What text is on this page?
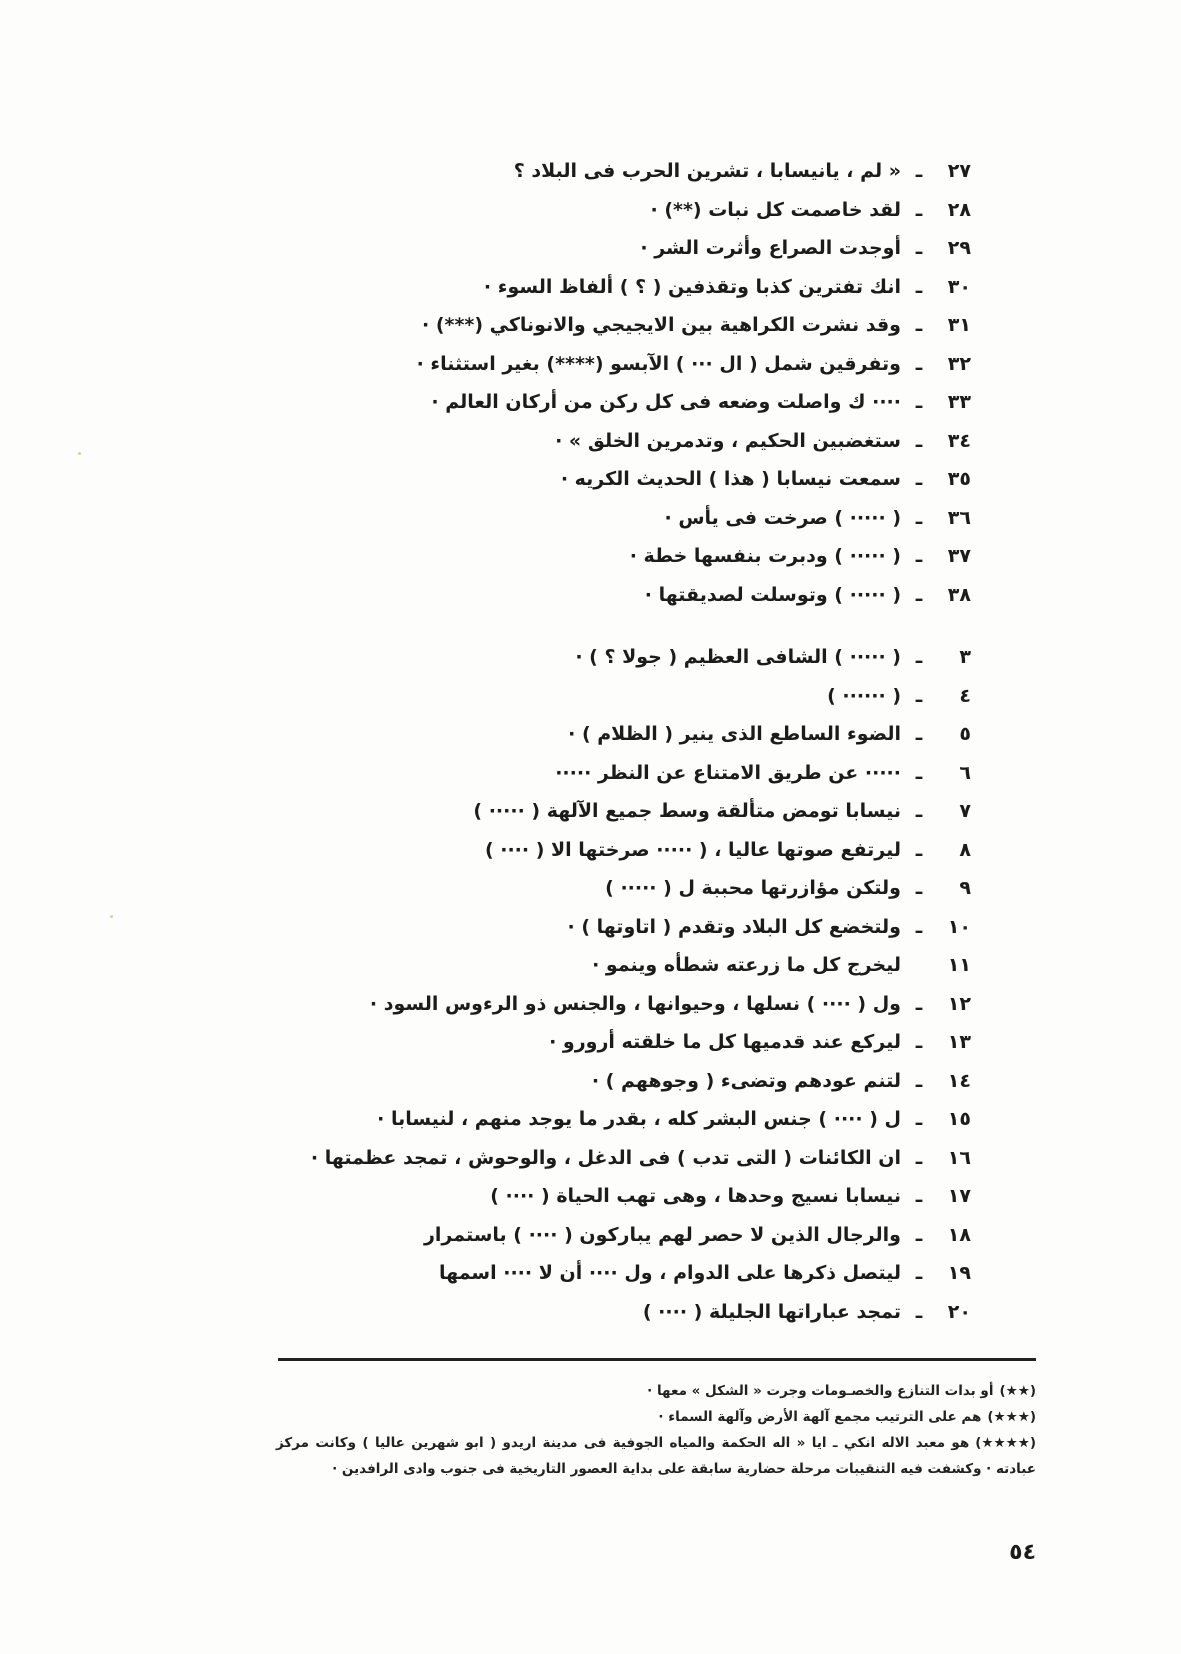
٢٧
ـ
« لم ، يانيسابا ، تشرين الحرب فى البلاد ؟
٢٨
ـ
لقد خاصمت كل نبات (**) ·
٢٩
ـ
أوجدت الصراع وأثرت الشر ·
٣٠
ـ
انك تفترين كذبا وتقذفين ( ؟ ) ألفاظ السوء ·
٣١
ـ
وقد نشرت الكراهية بين الايجيجي والانوناكي (***) ·
٣٢
ـ
وتفرقين شمل ( ال ··· ) الآبسو (****) بغير استثناء ·
٣٣
ـ
···· ك واصلت وضعه فى كل ركن من أركان العالم ·
٣٤
ـ
ستغضبين الحكيم ، وتدمرين الخلق » ·
٣٥
ـ
سمعت نيسابا ( هذا ) الحديث الكريه ·
٣٦
ـ
( ····· ) صرخت فى يأس ·
٣٧
ـ
( ····· ) ودبرت بنفسها خطة ·
٣٨
ـ
( ····· ) وتوسلت لصديقتها ·
٣
ـ
( ····· ) الشافى العظيم ( جولا ؟ ) ·
٤
ـ
( ······ )
٥
ـ
الضوء الساطع الذى ينير ( الظلام ) ·
٦
ـ
····· عن طريق الامتناع عن النظر ·····
٧
ـ
نيسابا تومض متألقة وسط جميع الآلهة ( ····· )
٨
ـ
ليرتفع صوتها عاليا ، ( ····· صرختها الا ( ···· )
٩
ـ
ولتكن مؤازرتها محببة ل ( ····· )
١٠
ـ
ولتخضع كل البلاد وتقدم ( اتاوتها ) ·
١١
ليخرج كل ما زرعته شطأه وينمو ·
١٢
ـ
ول ( ···· ) نسلها ، وحيوانها ، والجنس ذو الرءوس السود ·
١٣
ـ
ليركع عند قدميها كل ما خلقته أرورو ·
١٤
ـ
لتنم عودهم وتضىء ( وجوههم ) ·
١٥
ـ
ل ( ···· ) جنس البشر كله ، بقدر ما يوجد منهم ، لنيسابا ·
١٦
ـ
ان الكائنات ( التى تدب ) فى الدغل ، والوحوش ، تمجد عظمتها ·
١٧
ـ
نيسابا نسيج وحدها ، وهى تهب الحياة ( ···· )
١٨
ـ
والرجال الذين لا حصر لهم يباركون ( ···· ) باستمرار
١٩
ـ
ليتصل ذكرها على الدوام ، ول ···· أن لا ···· اسمها
٢٠
ـ
تمجد عباراتها الجليلة ( ···· )
(★★)أو بدات التنازع والخصـومات وجرت « الشكل » معها ·
(★★★)هم على الترتيب مجمع آلهة الأرض وآلهة السماء ·
(★★★★)هو معبد الاله انكي ـ ايا « اله الحكمة والمياه الجوفية فى مدينة اريدو ( ابو شهرين عاليا ) وكانت مركز عبادته · وكشفت فيه التنقيبات مرحلة حضارية سابقة على بداية العصور التاريخية فى جنوب وادى الرافدين ·
٥٤
